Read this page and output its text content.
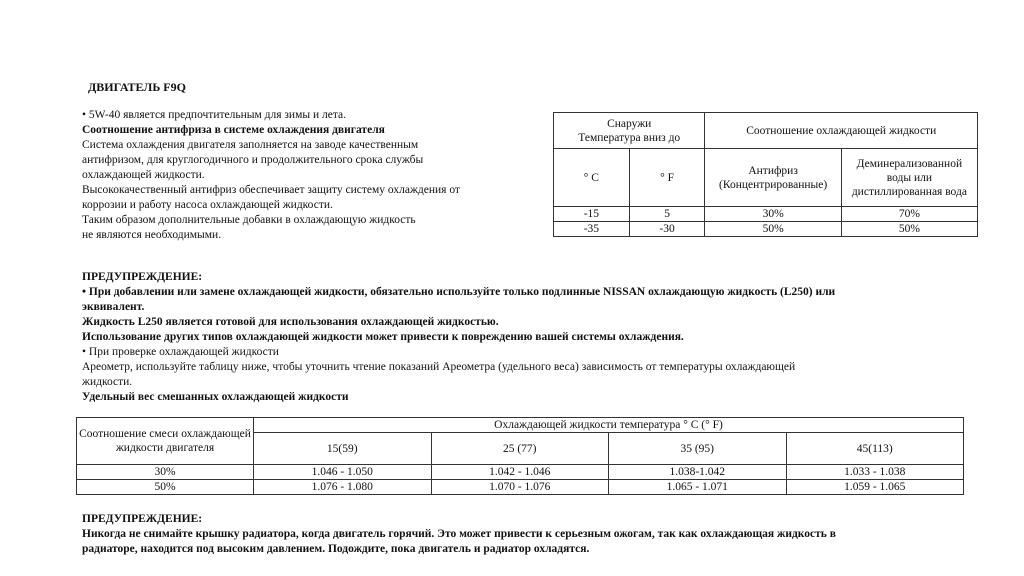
ДВИГАТЕЛЬ F9Q
• 5W-40 является предпочтительным для зимы и лета.
Соотношение антифриза в системе охлаждения двигателя
Система охлаждения двигателя заполняется на заводе качественным
антифризом, для круглогодичного и продолжительного срока службы
охлаждающей жидкости.
Высококачественный антифриз обеспечивает защиту систему охлаждения от
коррозии и работу насоса охлаждающей жидкости.
Таким образом дополнительные добавки в охлаждающую жидкость
не являются необходимыми.
Снаружи
Температура вниз до		Соотношение охлаждающей жидкости	
° С	° F	Антифриз (Концентрированные)	Деминерализованной воды или дистиллированная вода
-15	5	30%	70%
-35	-30	50%	50%
ПРЕДУПРЕЖДЕНИЕ:
• При добавлении или замене охлаждающей жидкости, обязательно используйте только подлинные NISSAN охлаждающую жидкость (L250) или
эквивалент.
Жидкость L250 является готовой для использования охлаждающей жидкостью.
Использование других типов охлаждающей жидкости может привести к повреждению вашей системы охлаждения.
• При проверке охлаждающей жидкости
Ареометр, используйте таблицу ниже, чтобы уточнить чтение показаний Ареометра (удельного веса) зависимость от температуры охлаждающей
жидкости.
Удельный вес смешанных охлаждающей жидкости
Соотношение смеси охлаждающей жидкости двигателя	Охлаждающей жидкости температура ° С (° F)			
	15(59)	25 (77)	35 (95)	45(113)
30%	1.046 - 1.050	1.042 - 1.046	1.038-1.042	1.033 - 1.038
50%	1.076 - 1.080	1.070 - 1.076	1.065 - 1.071	1.059 - 1.065
ПРЕДУПРЕЖДЕНИЕ:
Никогда не снимайте крышку радиатора, когда двигатель горячий. Это может привести к серьезным ожогам, так как охлаждающая жидкость в
радиаторе, находится под высоким давлением. Подождите, пока двигатель и радиатор охладятся.
